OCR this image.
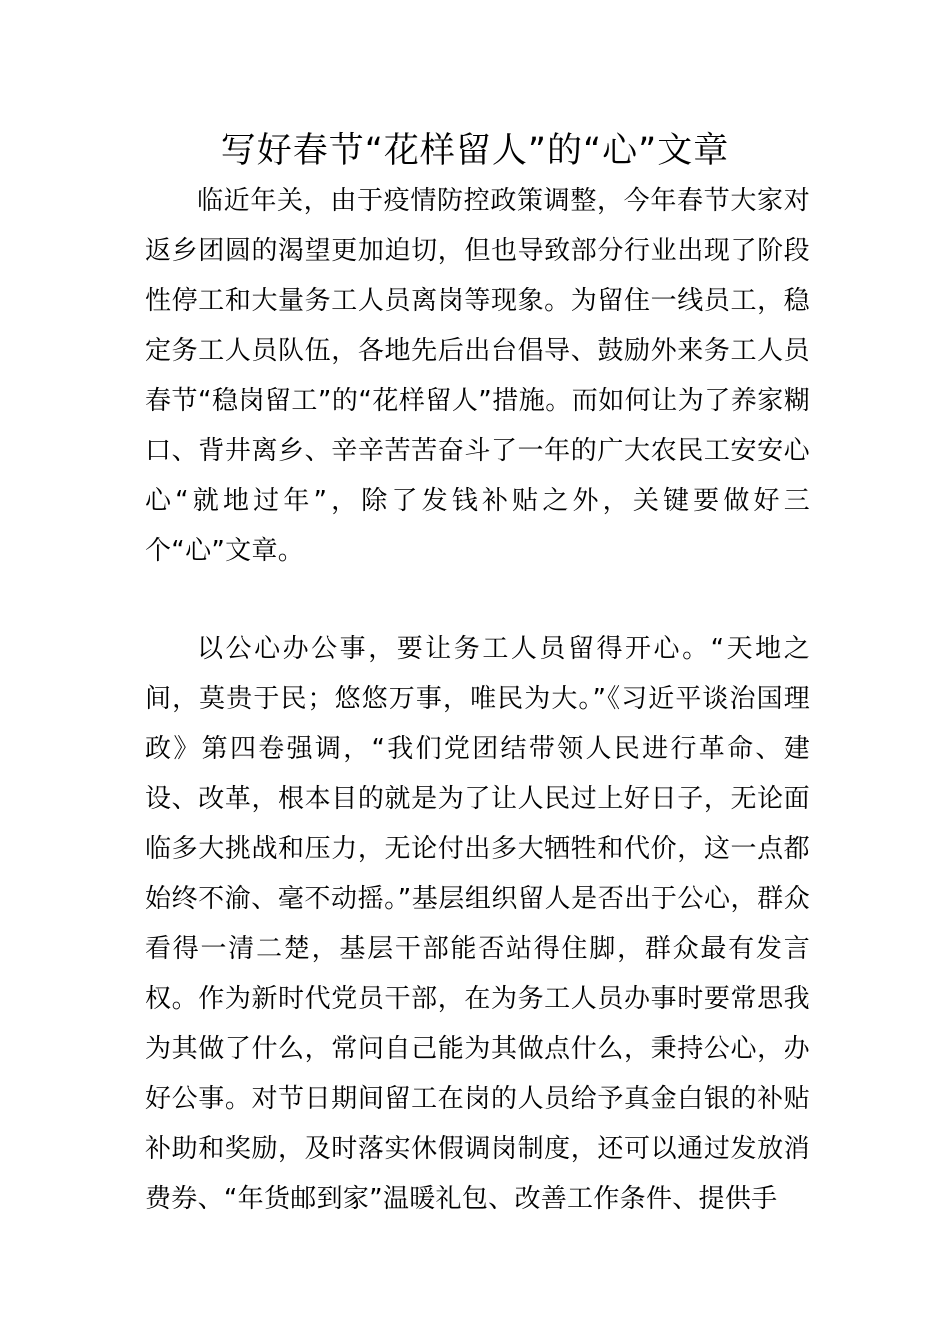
写好春节“花样留人”的“心”文章

临近年关，由于疫情防控政策调整，今年春节大家对返乡团圆的渴望更加迫切，但也导致部分行业出现了阶段性停工和大量务工人员离岗等现象。为留住一线员工，稳定务工人员队伍，各地先后出台倡导、鼓励外来务工人员春节“稳岗留工”的“花样留人”措施。而如何让为了养家糊口、背井离乡、辛辛苦苦奋斗了一年的广大农民工安安心心“就地过年”，除了发钱补贴之外，关键要做好三个“心”文章。

以公心办公事，要让务工人员留得开心。“天地之间，莫贵于民；悠悠万事，唯民为大。”《习近平谈治国理政》第四卷强调，“我们党团结带领人民进行革命、建设、改革，根本目的就是为了让人民过上好日子，无论面临多大挑战和压力，无论付出多大牺牲和代价，这一点都始终不渝、毫不动摇。”基层组织留人是否出于公心，群众看得一清二楚，基层干部能否站得住脚，群众最有发言权。作为新时代党员干部，在为务工人员办事时要常思我为其做了什么，常问自己能为其做点什么，秉持公心，办好公事。对节日期间留工在岗的人员给予真金白银的补贴补助和奖励，及时落实休假调岗制度，还可以通过发放消费券、“年货邮到家”温暖礼包、改善工作条件、提供手
